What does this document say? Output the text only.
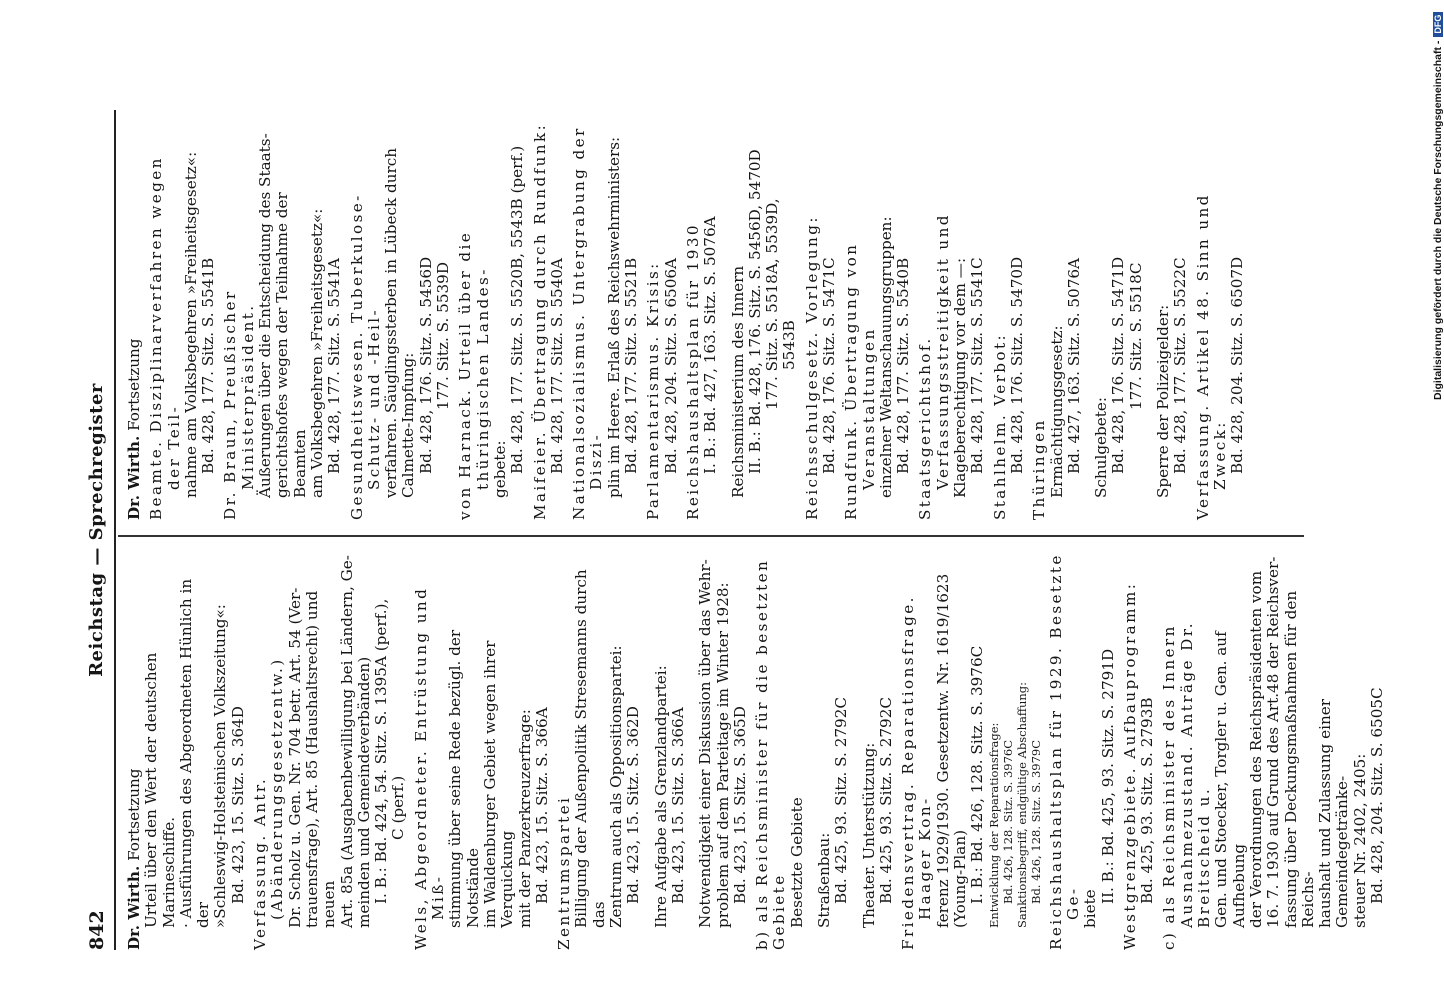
842
Reichstag — Sprechregister

Dr. Wirth. Fortsetzung Urteil über den Wert der deutschen Marineschiffe. · Ausführungen des Abgeordneten Hünlich in der »Schleswig-Holsteinischen Volkszeitung«: Bd. 423, 15. Sitz. S. 364D Verfassung. Antr. (Abänderungsgesetzentw.) Dr. Scholz u. Gen. Nr. 704 betr. Art. 54 (Ver- trauensfrage), Art. 85 (Haushaltsrecht) und neuen Art. 85a (Ausgabenbewilligung bei Ländern, Ge- meinden und Gemeindeverbänden) I. B.: Bd. 424, 54. Sitz. S. 1395A (perf.), C (perf.) Wels, Abgeordneter. Entrüstung und Miß- stimmung über seine Rede bezügl. der Notstände im Waldenburger Gebiet wegen ihrer Verquickung mit der Panzerkreuzerfrage: Bd. 423, 15. Sitz. S. 366A Zentrumspartei Billigung der Außenpolitik Stresemanns durch das Zentrum auch als Oppositionspartei: Bd. 423, 15. Sitz. S. 362D Ihre Aufgabe als Grenzlandpartei: Bd. 423, 15. Sitz. S. 366A Notwendigkeit einer Diskussion über das Wehr- problem auf dem Parteitage im Winter 1928: Bd. 423, 15. Sitz. S. 365D b) als Reichsminister für die besetzten Gebiete Besetzte Gebiete Straßenbau: Bd. 425, 93. Sitz. S. 2792C Theater. Unterstützung: Bd. 425, 93. Sitz. S. 2792C Friedensvertrag. Reparationsfrage. Haager Kon- ferenz 1929/1930. Gesetzentw. Nr. 1619/1623 (Young-Plan) I. B.: Bd. 426, 128. Sitz. S. 3976C Entwicklung der Reparationsfrage: Bd. 426, 128. Sitz. S. 3976C Sanktionsbegriff, endgültige Abschaffung: Bd. 426, 128. Sitz. S. 3979C Reichshaushaltsplan für 1929. Besetzte Ge- biete

II. B.: Bd. 425, 93. Sitz. S. 2791D Westgrenzgebiete. Aufbauprogramm: Bd. 425, 93. Sitz. S. 2793B c) als Reichsminister des Innern Ausnahmezustand. Anträge Dr. Breitscheid u. Gen. und Stoecker, Torgler u. Gen. auf Aufhebung der Verordnungen des Reichspräsidenten vom 16. 7. 1930 auf Grund des Art.48 der Reichsver- fassung über Deckungsmaßnahmen für den Reichs- haushalt und Zulassung einer Gemeindegetränke- steuer Nr. 2402, 2405: Bd. 428, 204. Sitz. S. 6505C

Dr. Wirth. Fortsetzung Beamte. Disziplinarverfahren wegen der Teil- nahme am Volksbegehren »Freiheitsgesetz«: Bd. 428, 177. Sitz. S. 5541B Dr. Braun, Preußischer Ministerpräsident. Äußerungen über die Entscheidung des Staats- gerichtshofes wegen der Teilnahme der Beamten am Volksbegehren »Freiheitsgesetz«: Bd. 428, 177. Sitz. S. 5541A Gesundheitswesen. Tuberkulose-Schutz- und -Heil- verfahren. Säuglingssterben in Lübeck durch Calmette-Impfung: Bd. 428, 176. Sitz. S. 5456D 177. Sitz. S. 5539D von Harnack. Urteil über die thüringischen Landes- gebete: Bd. 428, 177. Sitz. S. 5520B, 5543B (perf.) Maifeier. Übertragung durch Rundfunk: Bd. 428, 177. Sitz. S. 5540A Nationalsozialismus. Untergrabung der Diszi- plin im Heere. Erlaß des Reichswehrministers: Bd. 428, 177. Sitz. S. 5521B Parlamentarismus. Krisis: Bd. 428, 204. Sitz. S. 6506A Reichshaushaltsplan für 1930 I. B.: Bd. 427, 163. Sitz. S. 5076A Reichsministerium des Innern II. B.: Bd. 428, 176. Sitz. S. 5456D, 5470D 177. Sitz. S. 5518A, 5539D, 5543B Reichsschulgesetz. Vorlegung: Bd. 428, 176. Sitz. S. 5471C Rundfunk. Übertragung von Veranstaltungen einzelner Weltanschauungsgruppen: Bd. 428, 177. Sitz. S. 5540B Staatsgerichtshof. Verfassungsstreitigkeit und Klageberechtigung vor dem —: Bd. 428, 177. Sitz. S. 5541C Stahlhelm. Verbot: Bd. 428, 176. Sitz. S. 5470D Thüringen Ermächtigungsgesetz: Bd. 427, 163. Sitz. S. 5076A Schulgebete: Bd. 428, 176. Sitz. S. 5471D 177. Sitz. S. 5518C Sperre der Polizeigelder: Bd. 428, 177. Sitz. S. 5522C Verfassung. Artikel 48. Sinn und Zweck: Bd. 428, 204. Sitz. S. 6507D	Digitalisierung gefördert durch die Deutsche Forschungsgemeinschaft -DFG
